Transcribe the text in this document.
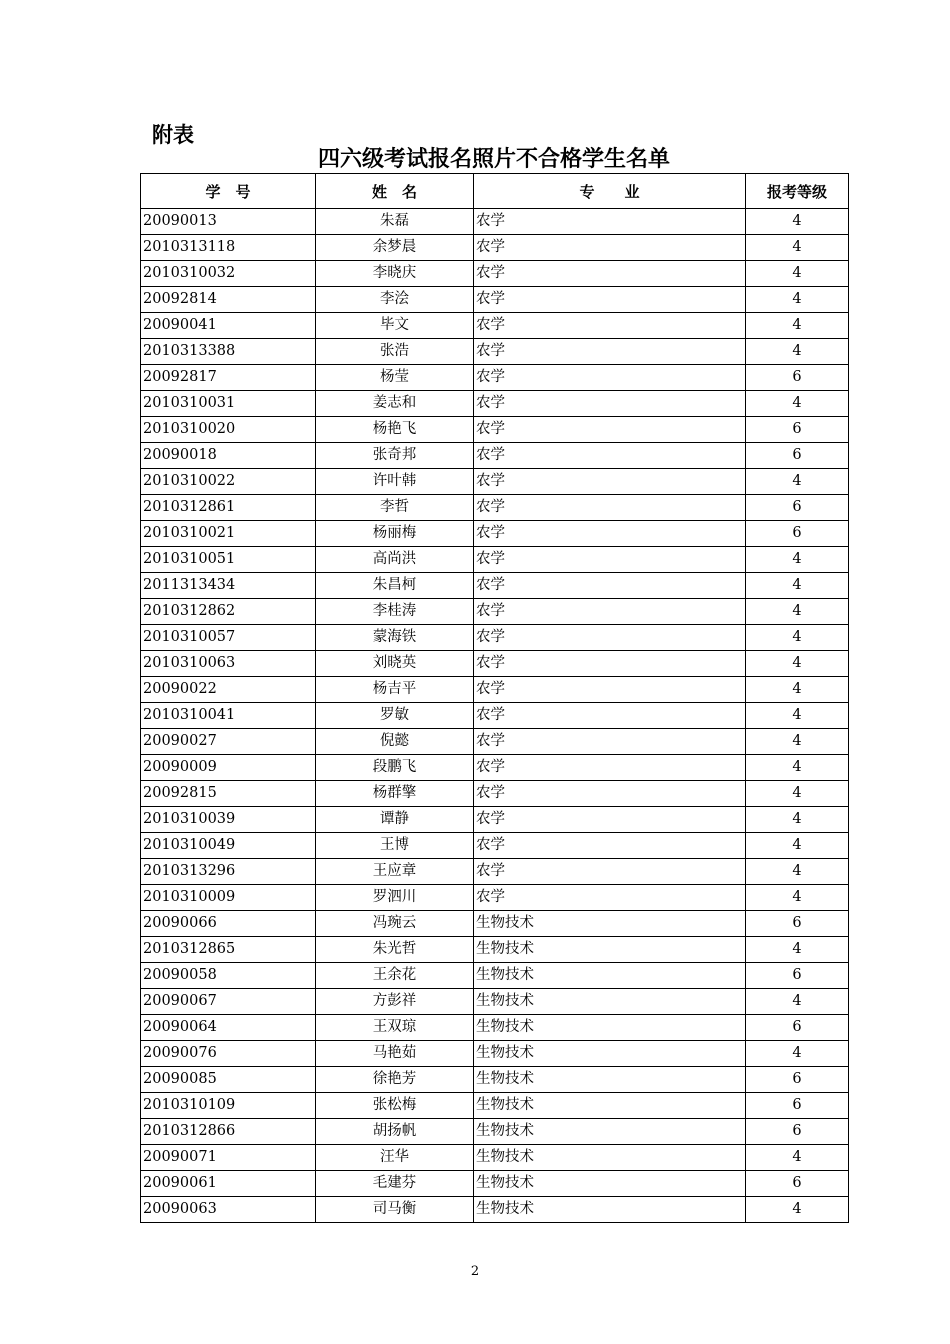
附表
四六级考试报名照片不合格学生名单
学　号	姓　名	专　　业	报考等级
20090013	朱磊	农学	4
2010313118	余梦晨	农学	4
2010310032	李晓庆	农学	4
20092814	李浍	农学	4
20090041	毕文	农学	4
2010313388	张浩	农学	4
20092817	杨莹	农学	6
2010310031	姜志和	农学	4
2010310020	杨艳飞	农学	6
20090018	张奇邦	农学	6
2010310022	许叶韩	农学	4
2010312861	李哲	农学	6
2010310021	杨丽梅	农学	6
2010310051	高尚洪	农学	4
2011313434	朱昌柯	农学	4
2010312862	李桂涛	农学	4
2010310057	蒙海铁	农学	4
2010310063	刘晓英	农学	4
20090022	杨吉平	农学	4
2010310041	罗敏	农学	4
20090027	倪懿	农学	4
20090009	段鹏飞	农学	4
20092815	杨群擎	农学	4
2010310039	谭静	农学	4
2010310049	王博	农学	4
2010313296	王应章	农学	4
2010310009	罗泗川	农学	4
20090066	冯琬云	生物技术	6
2010312865	朱光哲	生物技术	4
20090058	王余花	生物技术	6
20090067	方彭祥	生物技术	4
20090064	王双琼	生物技术	6
20090076	马艳茹	生物技术	4
20090085	徐艳芳	生物技术	6
2010310109	张松梅	生物技术	6
2010312866	胡扬帆	生物技术	6
20090071	汪华	生物技术	4
20090061	毛建芬	生物技术	6
20090063	司马衡	生物技术	4
2
